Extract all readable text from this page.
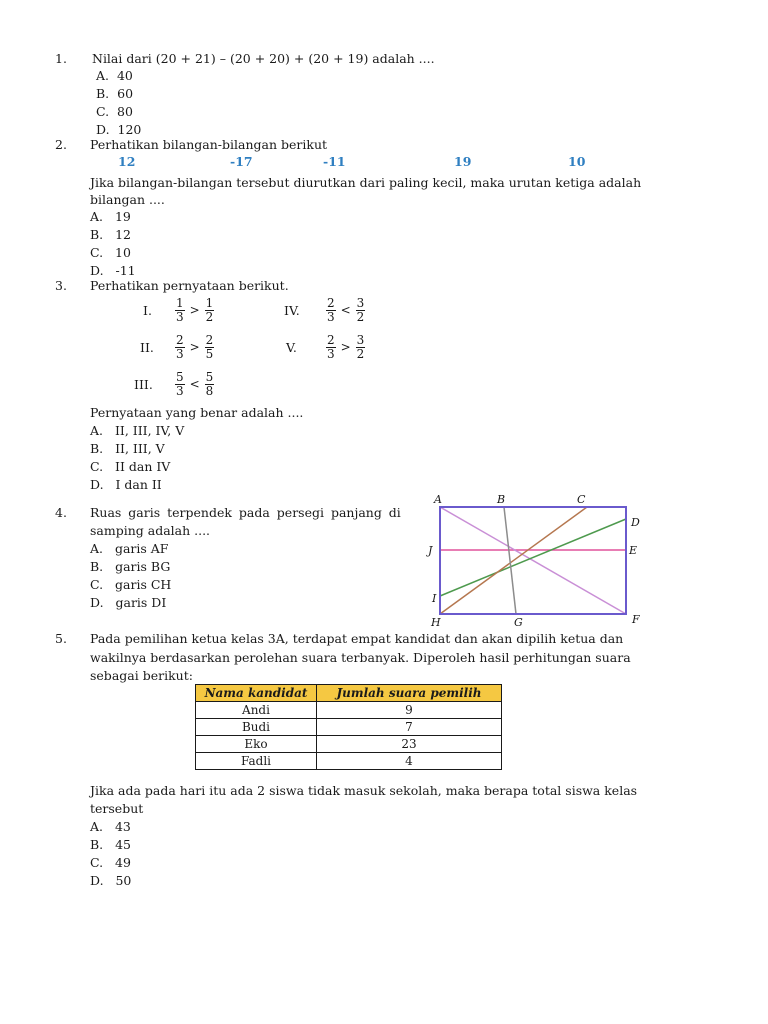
1. Nilai dari (20 + 21) – (20 + 20) + (20 + 19) adalah ....
A. 40
B. 60
C. 80
D. 120
2. Perhatikan bilangan-bilangan berikut
12	-17	-11	19	10
Jika bilangan-bilangan tersebut diurutkan dari paling kecil, maka urutan ketiga adalah
bilangan ....
A. 19
B. 12
C. 10
D. -11
3. Perhatikan pernyataan berikut.
I. $\frac{1}{3} > \frac{1}{2}$	IV. $\frac{2}{3} < \frac{3}{2}$
II. $\frac{2}{3} > \frac{2}{5}$	V. $\frac{2}{3} > \frac{3}{2}$
III. $\frac{5}{3} < \frac{5}{8}$
Pernyataan yang benar adalah ....
A. II, III, IV, V
B. II, III, V
C. II dan IV
D. I dan II
4. Ruas garis terpendek pada persegi panjang di
samping adalah ....
A. garis AF
B. garis BG
C. garis CH
D. garis DI
A	B	C
D
E
F
G
H
I
J
5. Pada pemilihan ketua kelas 3A, terdapat empat kandidat dan akan dipilih ketua dan
wakilnya berdasarkan perolehan suara terbanyak. Diperoleh hasil perhitungan suara
sebagai berikut:
Nama kandidat	Jumlah suara pemilih
Andi	9
Budi	7
Eko	23
Fadli	4
Jika ada pada hari itu ada 2 siswa tidak masuk sekolah, maka berapa total siswa kelas
tersebut
A. 43
B. 45
C. 49
D. 50
